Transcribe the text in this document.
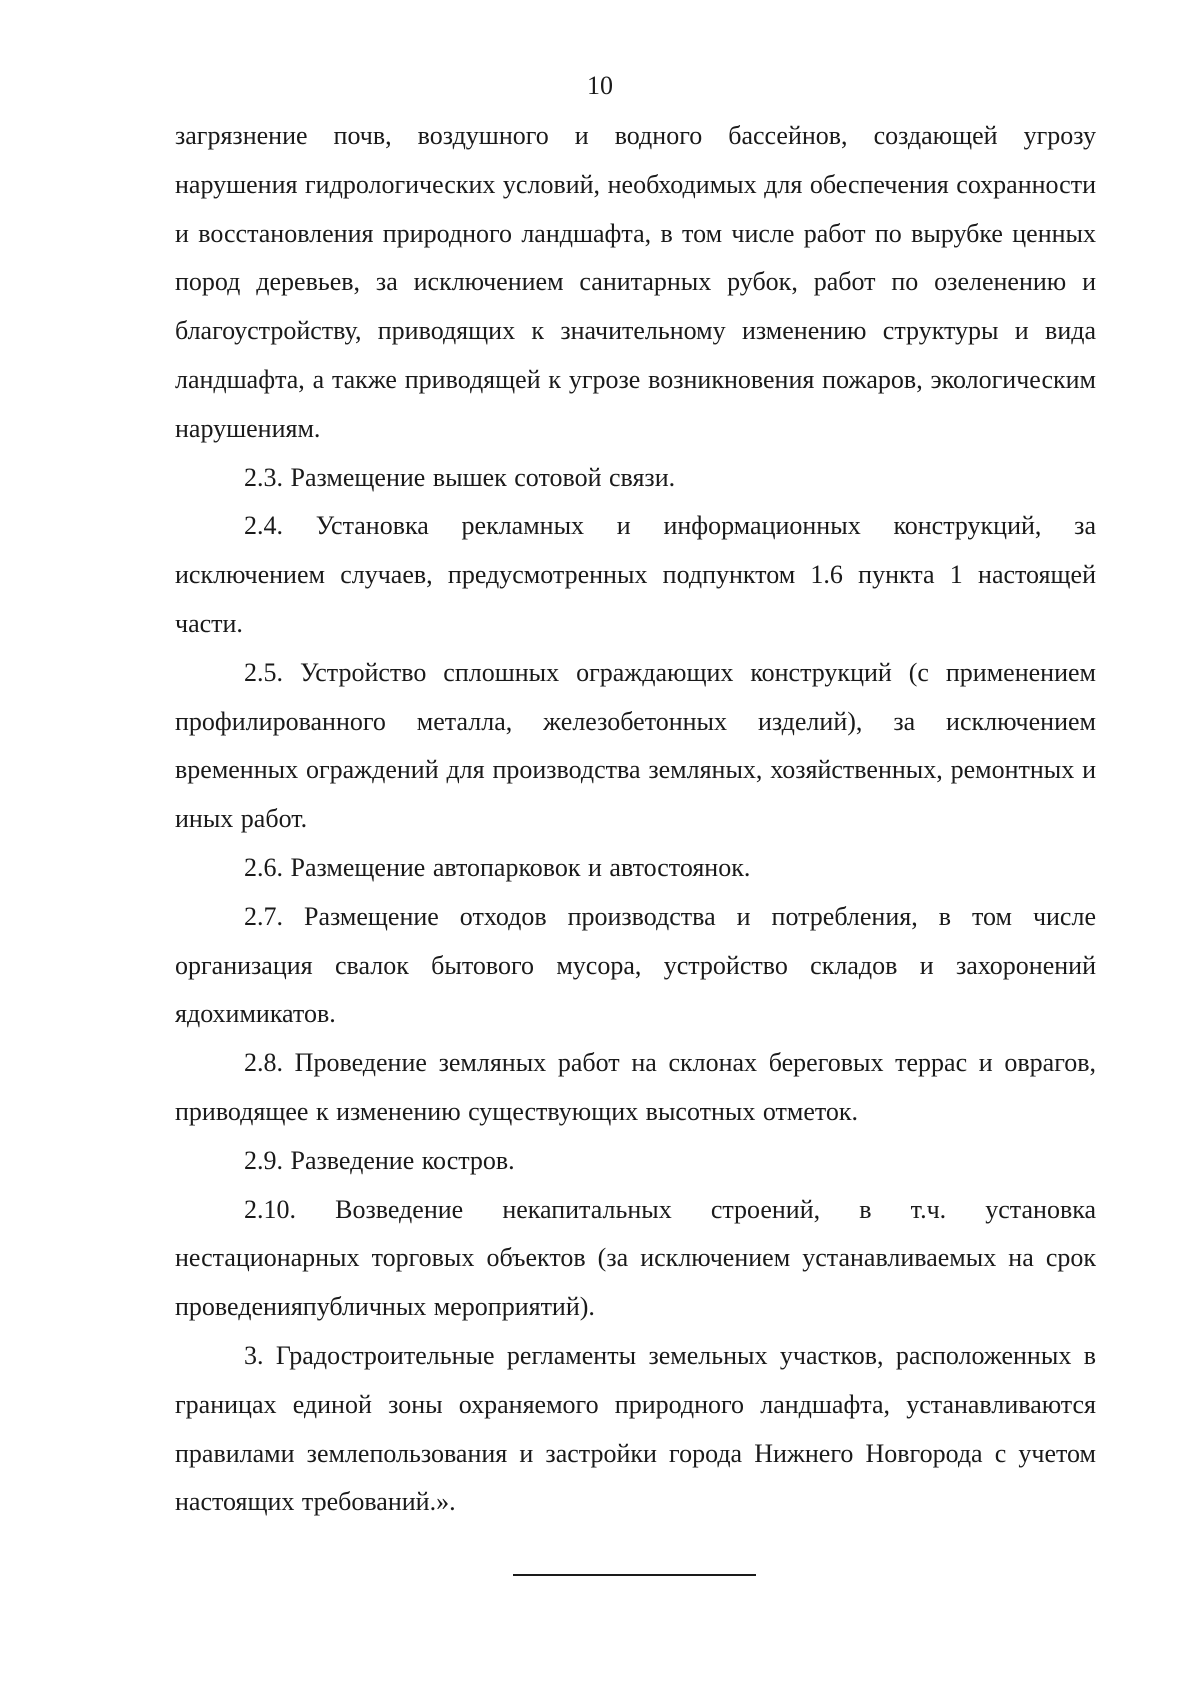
10

загрязнение почв, воздушного и водного бассейнов, создающей угрозу нарушения гидрологических условий, необходимых для обеспечения сохранности и восстановления природного ландшафта, в том числе работ по вырубке ценных пород деревьев, за исключением санитарных рубок, работ по озеленению и благоустройству, приводящих к значительному изменению структуры и вида ландшафта, а также приводящей к угрозе возникновения пожаров, экологическим нарушениям.

2.3. Размещение вышек сотовой связи.

2.4. Установка рекламных и информационных конструкций, за исключением случаев, предусмотренных подпунктом 1.6 пункта 1 настоящей части.

2.5. Устройство сплошных ограждающих конструкций (с применением профилированного металла, железобетонных изделий), за исключением временных ограждений для производства земляных, хозяйственных, ремонтных и иных работ.

2.6. Размещение автопарковок и автостоянок.

2.7. Размещение отходов производства и потребления, в том числе организация свалок бытового мусора, устройство складов и захоронений ядохимикатов.

2.8. Проведение земляных работ на склонах береговых террас и оврагов, приводящее к изменению существующих высотных отметок.

2.9. Разведение костров.

2.10. Возведение некапитальных строений, в т.ч. установка нестационарных торговых объектов (за исключением устанавливаемых на срок проведенияпубличных мероприятий).

3. Градостроительные регламенты земельных участков, расположенных в границах единой зоны охраняемого природного ландшафта, устанавливаются правилами землепользования и застройки города Нижнего Новгорода с учетом настоящих требований.».
